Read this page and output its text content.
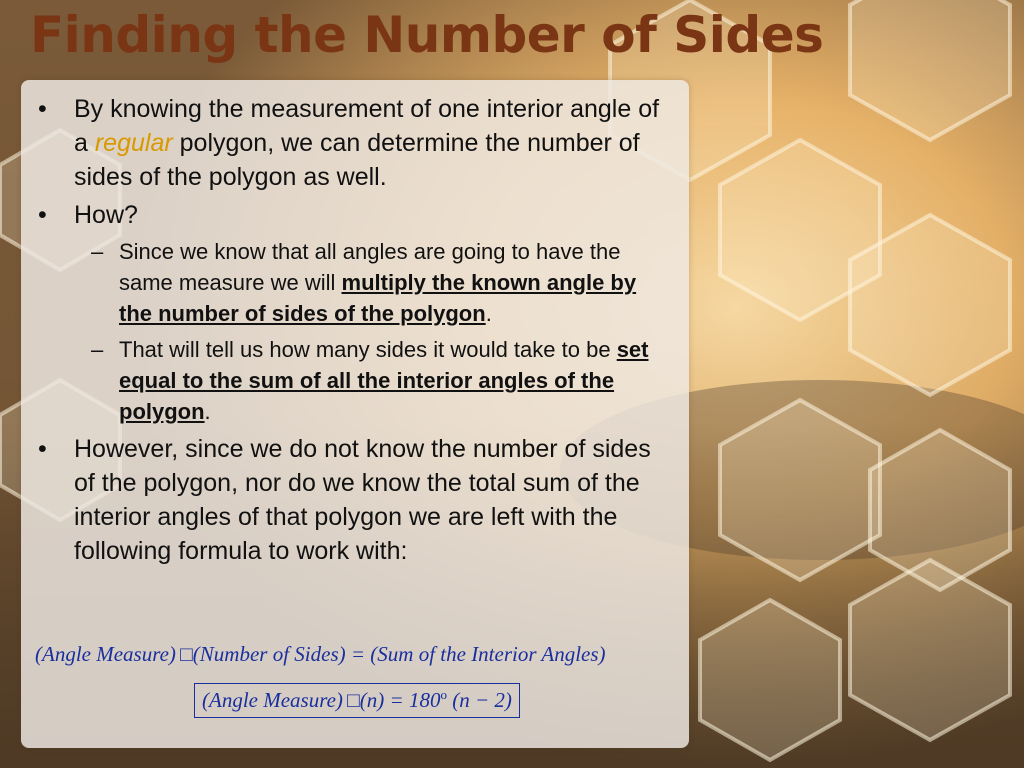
Finding the Number of Sides
• By knowing the measurement of one interior angle of a regular polygon, we can determine the number of sides of the polygon as well.
• How?
– Since we know that all angles are going to have the same measure we will multiply the known angle by the number of sides of the polygon.
– That will tell us how many sides it would take to be set equal to the sum of all the interior angles of the polygon.
• However, since we do not know the number of sides of the polygon, nor do we know the total sum of the interior angles of that polygon we are left with the following formula to work with:
(Angle Measure) □(Number of Sides) = (Sum of the Interior Angles)
(Angle Measure) □(n) = $180^o$ (n − 2)
